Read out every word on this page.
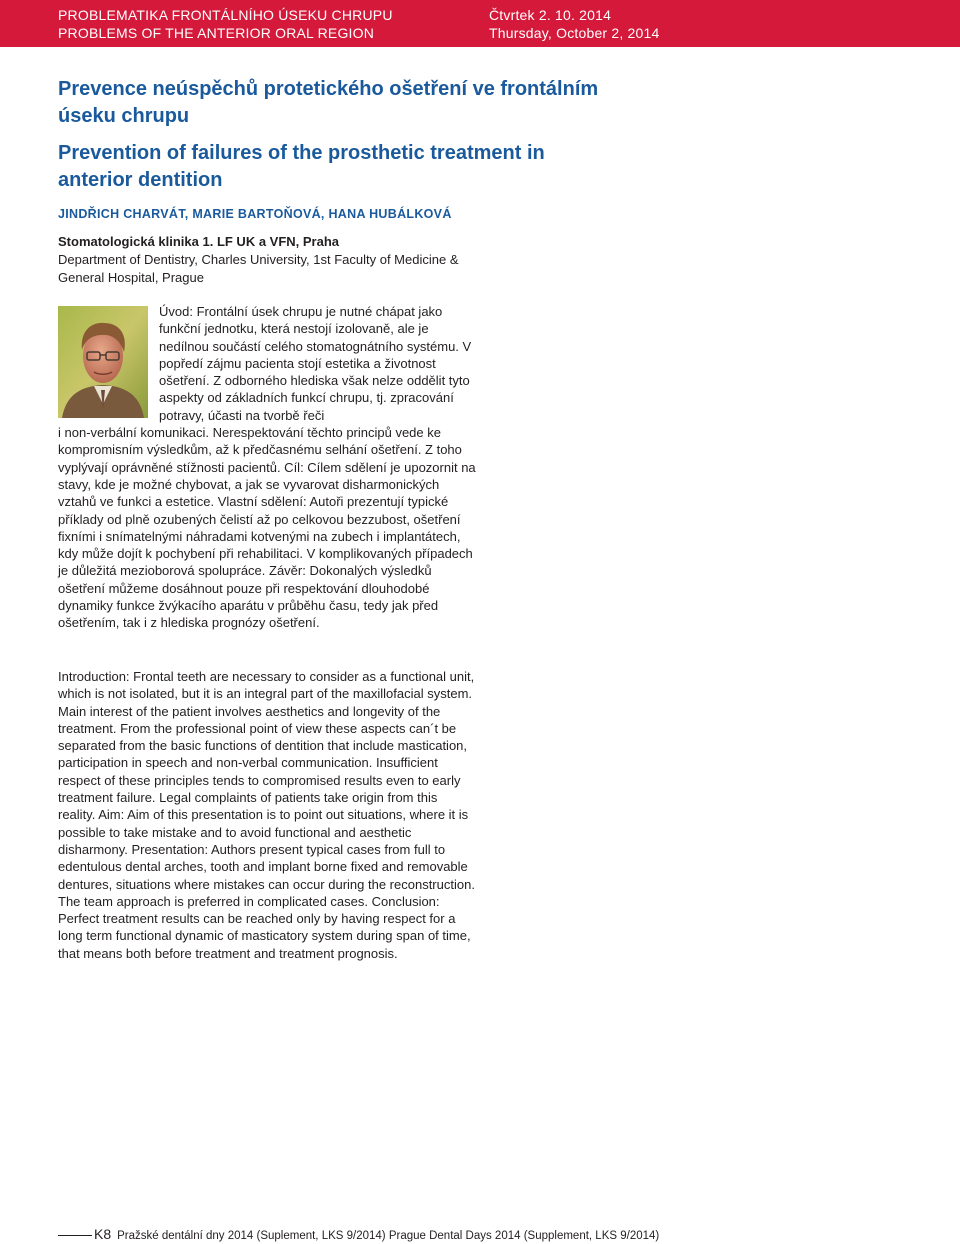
PROBLEMATIKA FRONTÁLNÍHO ÚSEKU CHRUPU
PROBLEMS OF THE ANTERIOR ORAL REGION
Čtvrtek 2. 10. 2014
Thursday, October 2, 2014
Prevence neúspěchů protetického ošetření ve frontálním úseku chrupu
Prevention of failures of the prosthetic treatment in anterior dentition
JINDŘICH CHARVÁT, MARIE BARTOŇOVÁ, HANA HUBÁLKOVÁ
Stomatologická klinika 1. LF UK a VFN, Praha
Department of Dentistry, Charles University, 1st Faculty of Medicine & General Hospital, Prague
Úvod: Frontální úsek chrupu je nutné chápat jako funkční jednotku, která nestojí izolovaně, ale je nedílnou součástí celého stomatognátního systému. V popředí zájmu pacienta stojí estetika a životnost ošetření. Z odborného hlediska však nelze oddělit tyto aspekty od základních funkcí chrupu, tj. zpracování potravy, účasti na tvorbě řeči
i non-verbální komunikaci. Nerespektování těchto principů vede ke kompromisním výsledkům, až k předčasnému selhání ošetření. Z toho vyplývají oprávněné stížnosti pacientů. Cíl: Cílem sdělení je upozornit na stavy, kde je možné chybovat, a jak se vyvarovat disharmonických vztahů ve funkci a estetice. Vlastní sdělení: Autoři prezentují typické příklady od plně ozubených čelistí až po celkovou bezzubost, ošetření fixními i snímatelnými náhradami kotvenými na zubech i implantátech, kdy může dojít k pochybení při rehabilitaci. V komplikovaných případech je důležitá mezioborová spolupráce. Závěr: Dokonalých výsledků ošetření můžeme dosáhnout pouze při respektování dlouhodobé dynamiky funkce žvýkacího aparátu v průběhu času, tedy jak před ošetřením, tak i z hlediska prognózy ošetření.
Introduction: Frontal teeth are necessary to consider as a functional unit, which is not isolated, but it is an integral part of the maxillofacial system. Main interest of the patient involves aesthetics and longevity of the treatment. From the professional point of view these aspects can´t be separated from the basic functions of dentition that include mastication, participation in speech and non-verbal communication. Insufficient respect of these principles tends to compromised results even to early treatment failure. Legal complaints of patients take origin from this reality. Aim: Aim of this presentation is to point out situations, where it is possible to take mistake and to avoid functional and aesthetic disharmony. Presentation: Authors present typical cases from full to edentulous dental arches, tooth and implant borne fixed and removable dentures, situations where mistakes can occur during the reconstruction. The team approach is preferred in complicated cases. Conclusion: Perfect treatment results can be reached only by having respect for a long term functional dynamic of masticatory system during span of time, that means both before treatment and treatment prognosis.
K8 Pražské dentální dny 2014 (Suplement, LKS 9/2014) Prague Dental Days 2014 (Supplement, LKS 9/2014)
